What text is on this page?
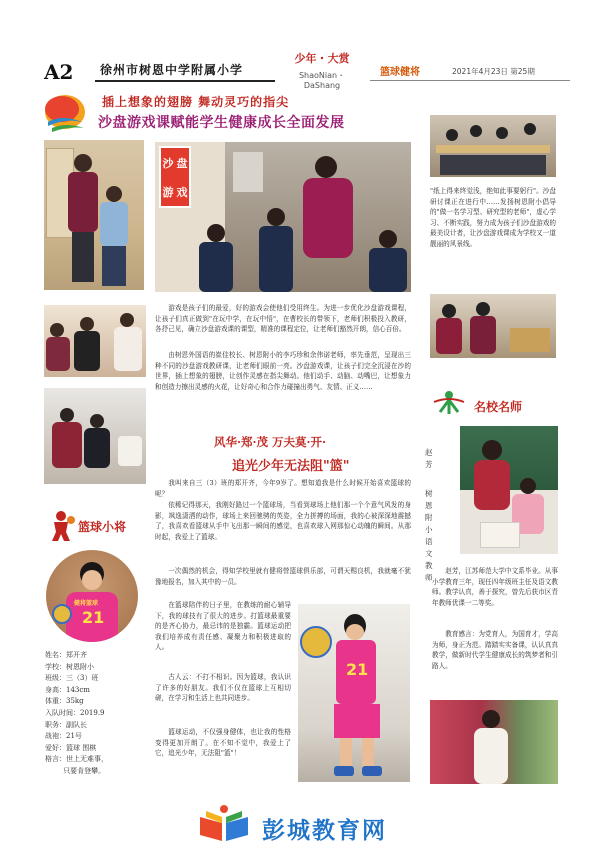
A2 徐州市树恩中学附属小学
少年・大赏
ShaoNian・DaShang
篮球健将	2021年4月23日 第25期
插上想象的翅膀 舞动灵巧的指尖
沙盘游戏课赋能学生健康成长全面发展
沙 盘
游 戏	"纸上得来终觉浅，绝知此事要躬行"。沙盘研讨课正在进行中……发扬树恩附小倡导的"做一名学习型、研究型的老师"，虚心学习、不断实践，努力成为孩子们沙盘游戏的最美设计者，让沙盘游戏课成为学校又一道靓丽的风景线。
游戏是孩子们的最爱，好的游戏会使他们受用终生。为进一步优化沙盘游戏课程，让孩子们真正做到"在玩中学，在玩中悟"，在曹校长的带领下，老师们积极投入教研，各抒己见，确立沙盘游戏课的课型，精准的课程定位，让老师们豁然开朗，信心百倍。
由树恩外国语的崔佳校长、树恩附小的李巧珍和余伟诺老师，率先垂范，呈现出三种不同的沙盘游戏教研课，让老师们眼前一亮。沙盘游戏课，让孩子们完全沉浸在沙的世界，插上想象的翅膀，让创作灵感在指尖舞动。他们动手、动脑、动嘴巴，让想象力和创造力擦出灵感的火花，让好奇心和合作力碰撞出勇气、友情、正义……
风华·郑·茂 万夫莫·开·
追光少年无法阻"篮"
我叫来自三（3）班的郑开齐，今年9岁了。想知道我是什么时候开始喜欢篮球的呢？
依稀记得那天，我刚好路过一个篮球场，当看到球场上他们那一个个意气风发的身影，飒逸潇洒的动作，球场上来回驰骋的英姿，全力拼搏的场面，我的心被深深地震撼了，我喜欢看篮球从手中飞出那一瞬间的感觉，也喜欢球入网那惊心动魄的瞬间。从那时起，我爱上了篮球。
一次偶然的机会，得知学校里就有健将營篮球俱乐部，可谓天赐良机，我就毫不犹豫地报名，加入其中的一员。
在篮球陪伴的日子里，在教练的耐心辅导下，我的球技有了很大的进步。打篮球最重要的是齐心协力，最忌讳的是独霸。篮球运动把我们培养成有责任感、凝聚力和积极进取的人。
古人云：不打不相识。因为篮球，我认识了许多的好朋友。我们不仅在篮球上互相切磋，在学习和生活上也共同进步。
篮球运动，不仅强身健体，也让我的性格变得更加开朗了。在不知不觉中，我爱上了它，追光少年，无法阻"篮"！
21
篮球小将
健将篮球
21
姓名： 郑开齐
学校： 树恩附小
班级： 三（3）班
身高： 143cm
体重： 35kg
入队时间： 2019.9
职务： 副队长
战袍： 21号
爱好： 篮球 围棋
格言： 世上无难事，
只要肯登攀。
名校名师
赵芳
树恩附小语文教师
赵芳，江苏师范大学中文系毕业。从事小学教育三年，现任四年级班主任及语文教师。教学认真，善于探究，曾先后获市区青年教师优课一二等奖。
教育感言：为党育人，为国育才，学高为师，身正为范。踏踏实实备课，认认真真教学，做新时代学生健康成长的筑梦者和引路人。
彭城教育网
